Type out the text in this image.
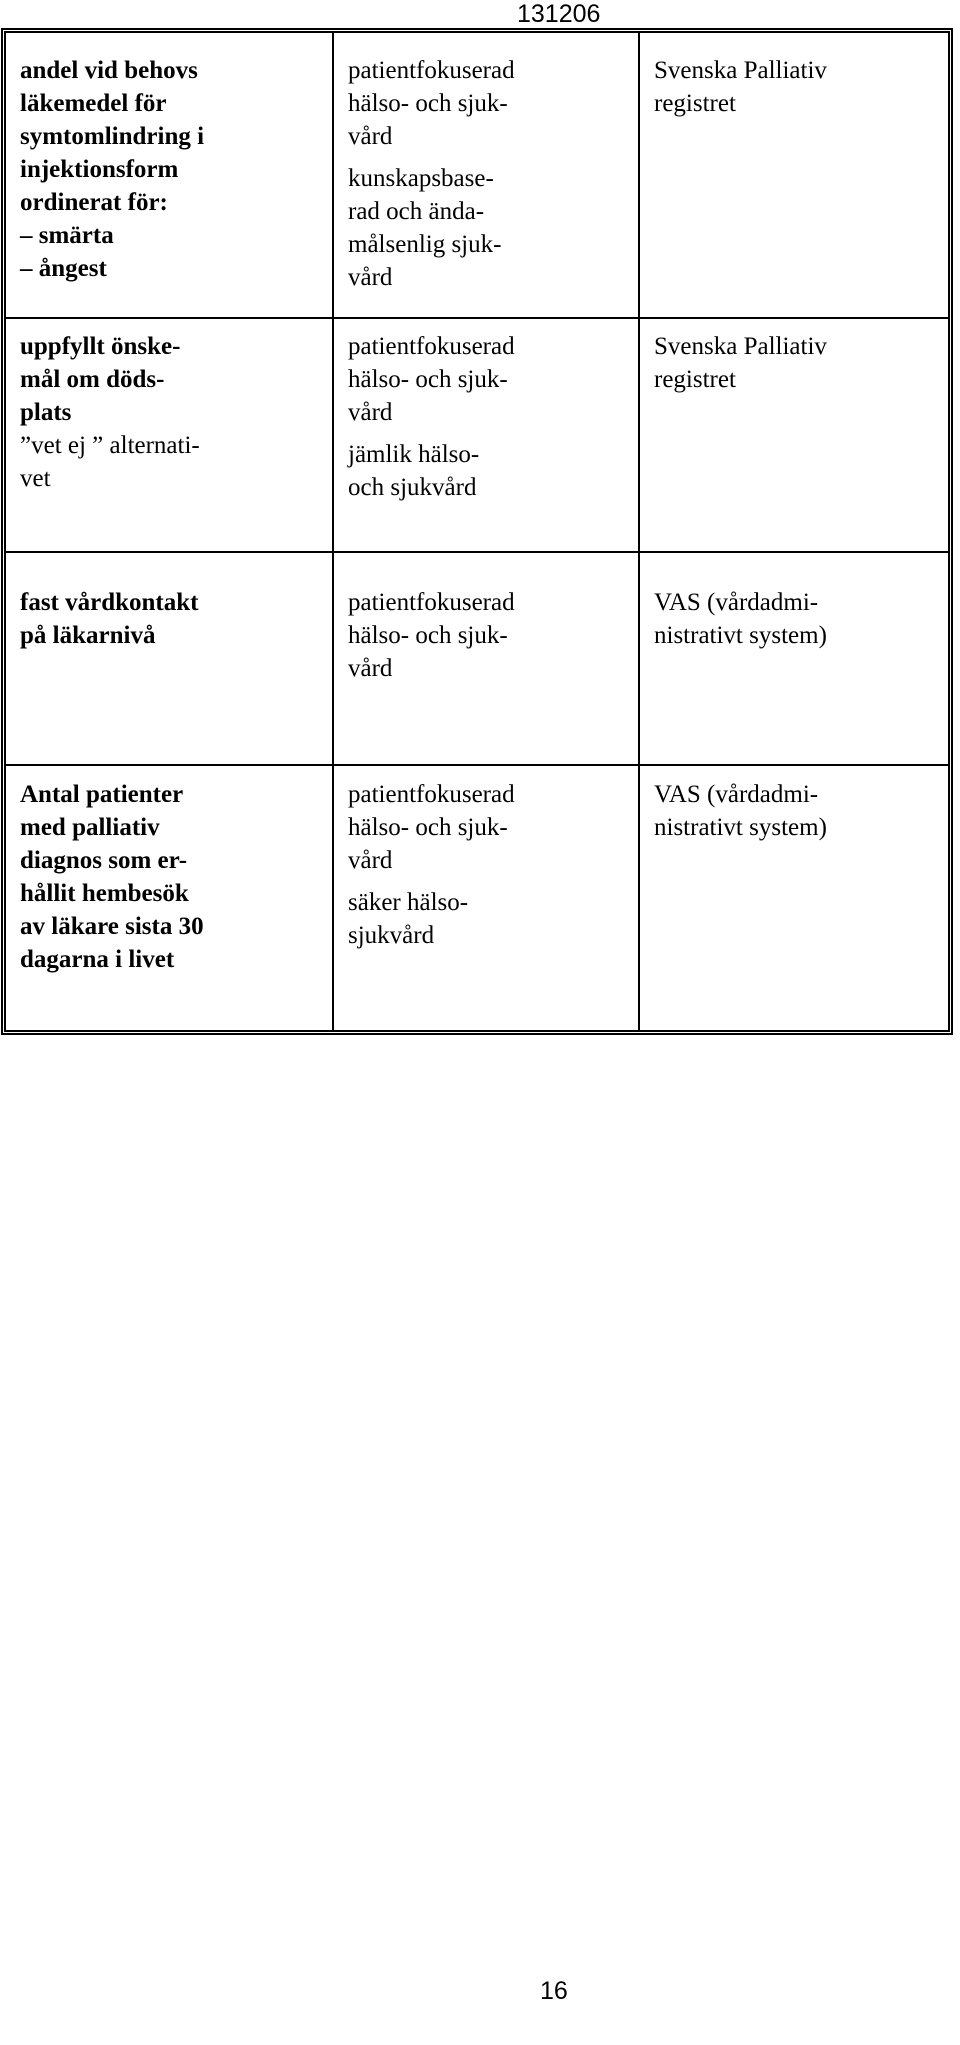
131206

andel vid behovs

läkemedel för

symtomlindring i

injektionsform

ordinerat för:

– smärta

– ångest

patientfokuserad

hälso- och sjuk-

vård

kunskapsbase-

rad och ända-

målsenlig sjuk-

vård

Svenska Palliativ

registret

uppfyllt önske-

mål om döds-

plats

”vet ej ” alternati-

vet

patientfokuserad

hälso- och sjuk-

vård

jämlik hälso-

och sjukvård

Svenska Palliativ

registret

fast vårdkontakt

på läkarnivå

patientfokuserad

hälso- och sjuk-

vård

VAS (vårdadmi-

nistrativt system)

Antal patienter

med palliativ

diagnos som er-

hållit hembesök

av läkare sista 30

dagarna i livet

patientfokuserad

hälso- och sjuk-

vård

säker hälso-

sjukvård

VAS (vårdadmi-

nistrativt system)

16
